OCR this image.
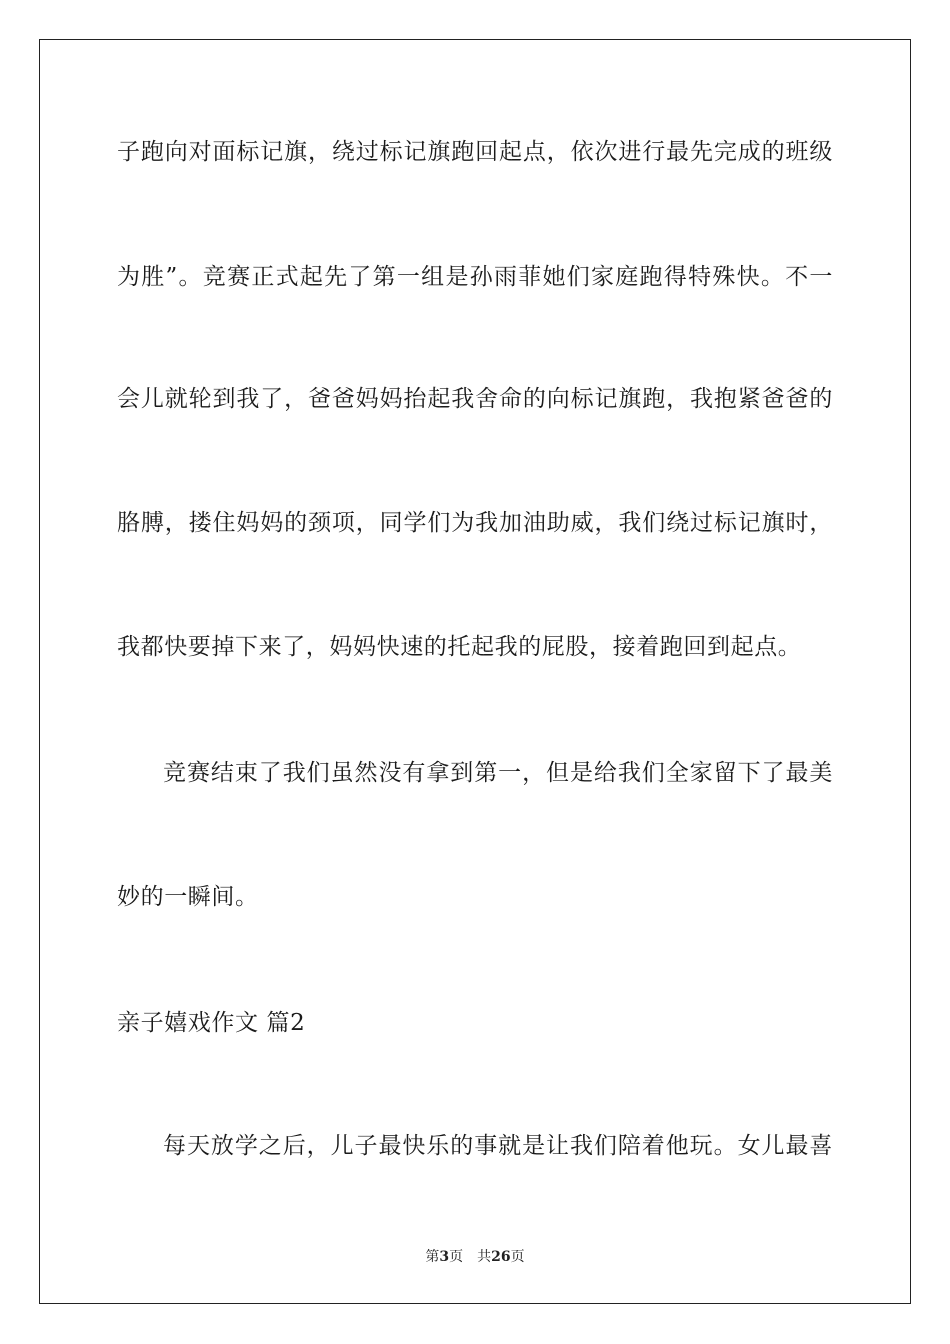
子跑向对面标记旗，绕过标记旗跑回起点，依次进行最先完成的班级
为胜”。竞赛正式起先了第一组是孙雨菲她们家庭跑得特殊快。不一
会儿就轮到我了，爸爸妈妈抬起我舍命的向标记旗跑，我抱紧爸爸的
胳膊，搂住妈妈的颈项，同学们为我加油助威，我们绕过标记旗时，
我都快要掉下来了，妈妈快速的托起我的屁股，接着跑回到起点。
竞赛结束了我们虽然没有拿到第一，但是给我们全家留下了最美
妙的一瞬间。
亲子嬉戏作文 篇2
每天放学之后，儿子最快乐的事就是让我们陪着他玩。女儿最喜
第3页 共26页
